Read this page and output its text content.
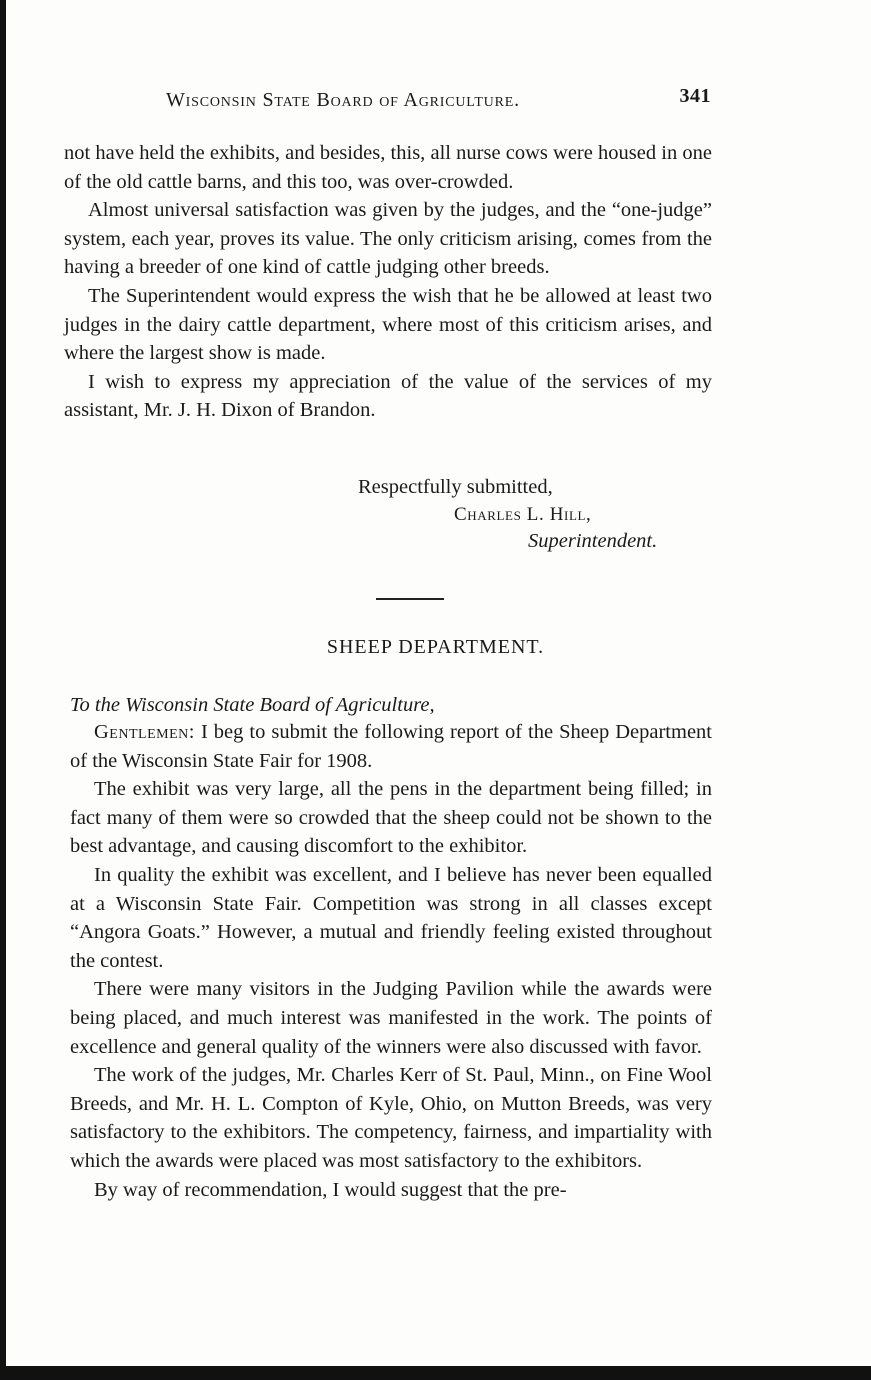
Wisconsin State Board of Agriculture.	341

not have held the exhibits, and besides, this, all nurse cows were housed in one of the old cattle barns, and this too, was over-crowded.

Almost universal satisfaction was given by the judges, and the “one-judge” system, each year, proves its value. The only criticism arising, comes from the having a breeder of one kind of cattle judging other breeds.

The Superintendent would express the wish that he be allowed at least two judges in the dairy cattle department, where most of this criticism arises, and where the largest show is made.

I wish to express my appreciation of the value of the services of my assistant, Mr. J. H. Dixon of Brandon.

Respectfully submitted,
Charles L. Hill,
Superintendent.
SHEEP DEPARTMENT.
To the Wisconsin State Board of Agriculture,

Gentlemen: I beg to submit the following report of the Sheep Department of the Wisconsin State Fair for 1908.

The exhibit was very large, all the pens in the department being filled; in fact many of them were so crowded that the sheep could not be shown to the best advantage, and causing discomfort to the exhibitor.

In quality the exhibit was excellent, and I believe has never been equalled at a Wisconsin State Fair. Competition was strong in all classes except “Angora Goats.” However, a mutual and friendly feeling existed throughout the contest.

There were many visitors in the Judging Pavilion while the awards were being placed, and much interest was manifested in the work. The points of excellence and general quality of the winners were also discussed with favor.

The work of the judges, Mr. Charles Kerr of St. Paul, Minn., on Fine Wool Breeds, and Mr. H. L. Compton of Kyle, Ohio, on Mutton Breeds, was very satisfactory to the exhibitors. The competency, fairness, and impartiality with which the awards were placed was most satisfactory to the exhibitors.

By way of recommendation, I would suggest that the pre-
